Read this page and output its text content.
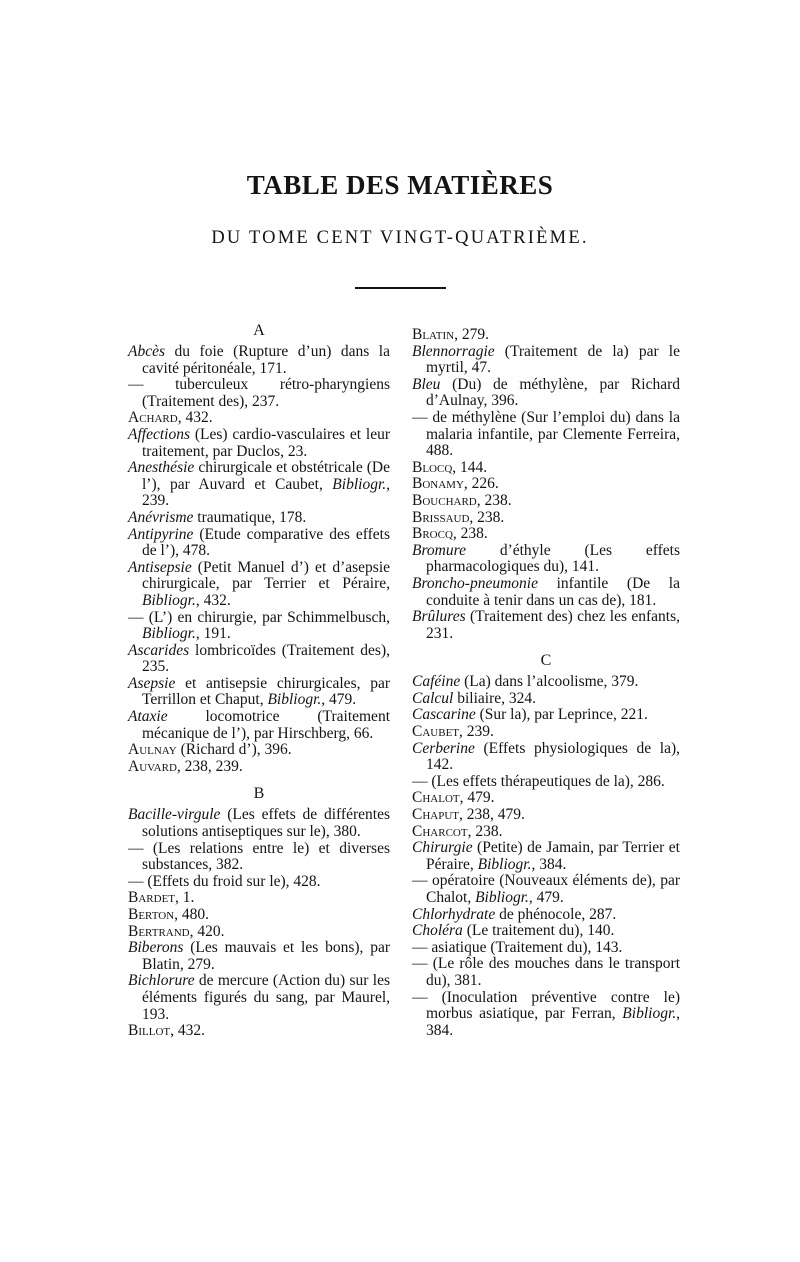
TABLE DES MATIÈRES
DU TOME CENT VINGT-QUATRIÈME.
A
Abcès du foie (Rupture d’un) dans la cavité péritonéale, 171.
— tuberculeux rétro-pharyngiens (Traitement des), 237.
Achard, 432.
Affections (Les) cardio-vasculaires et leur traitement, par Duclos, 23.
Anesthésie chirurgicale et obstétricale (De l’), par Auvard et Caubet, Bibliogr., 239.
Anévrisme traumatique, 178.
Antipyrine (Etude comparative des effets de l’), 478.
Antisepsie (Petit Manuel d’) et d’asepsie chirurgicale, par Terrier et Péraire, Bibliogr., 432.
— (L’) en chirurgie, par Schimmelbusch, Bibliogr., 191.
Ascarides lombricoïdes (Traitement des), 235.
Asepsie et antisepsie chirurgicales, par Terrillon et Chaput, Bibliogr., 479.
Ataxie locomotrice (Traitement mécanique de l’), par Hirschberg, 66.
Aulnay (Richard d’), 396.
Auvard, 238, 239.
B
Bacille-virgule (Les effets de différentes solutions antiseptiques sur le), 380.
— (Les relations entre le) et diverses substances, 382.
— (Effets du froid sur le), 428.
Bardet, 1.
Berton, 480.
Bertrand, 420.
Biberons (Les mauvais et les bons), par Blatin, 279.
Bichlorure de mercure (Action du) sur les éléments figurés du sang, par Maurel, 193.
Billot, 432.
Blatin, 279.
Blennorragie (Traitement de la) par le myrtil, 47.
Bleu (Du) de méthylène, par Richard d’Aulnay, 396.
— de méthylène (Sur l’emploi du) dans la malaria infantile, par Clemente Ferreira, 488.
Blocq, 144.
Bonamy, 226.
Bouchard, 238.
Brissaud, 238.
Brocq, 238.
Bromure d’éthyle (Les effets pharmacologiques du), 141.
Broncho-pneumonie infantile (De la conduite à tenir dans un cas de), 181.
Brûlures (Traitement des) chez les enfants, 231.
C
Caféine (La) dans l’alcoolisme, 379.
Calcul biliaire, 324.
Cascarine (Sur la), par Leprince, 221.
Caubet, 239.
Cerberine (Effets physiologiques de la), 142.
— (Les effets thérapeutiques de la), 286.
Chalot, 479.
Chaput, 238, 479.
Charcot, 238.
Chirurgie (Petite) de Jamain, par Terrier et Péraire, Bibliogr., 384.
— opératoire (Nouveaux éléments de), par Chalot, Bibliogr., 479.
Chlorhydrate de phénocole, 287.
Choléra (Le traitement du), 140.
— asiatique (Traitement du), 143.
— (Le rôle des mouches dans le transport du), 381.
— (Inoculation préventive contre le) morbus asiatique, par Ferran, Bibliogr., 384.
